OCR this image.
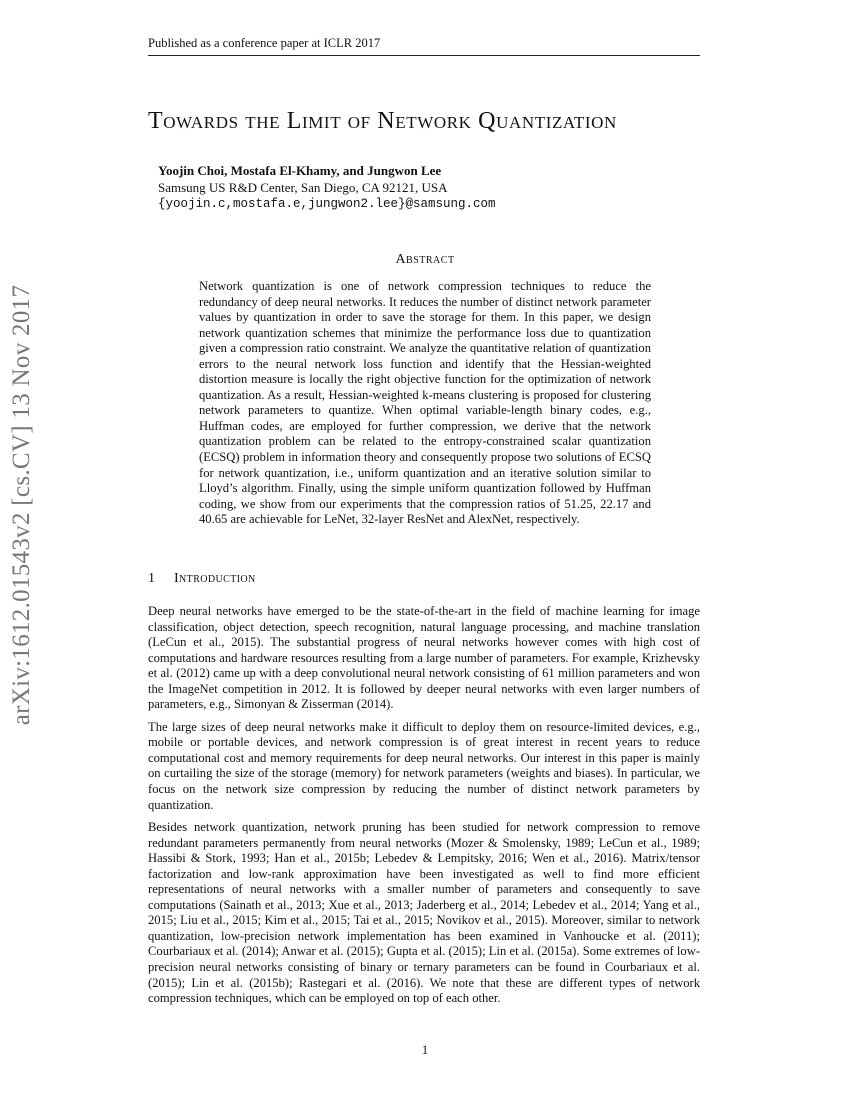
Published as a conference paper at ICLR 2017
arXiv:1612.01543v2 [cs.CV] 13 Nov 2017
Towards the Limit of Network Quantization
Yoojin Choi, Mostafa El-Khamy, and Jungwon Lee
Samsung US R&D Center, San Diego, CA 92121, USA
{yoojin.c,mostafa.e,jungwon2.lee}@samsung.com
Abstract
Network quantization is one of network compression techniques to reduce the redundancy of deep neural networks. It reduces the number of distinct network parameter values by quantization in order to save the storage for them. In this paper, we design network quantization schemes that minimize the performance loss due to quantization given a compression ratio constraint. We analyze the quantitative relation of quantization errors to the neural network loss function and identify that the Hessian-weighted distortion measure is locally the right objective function for the optimization of network quantization. As a result, Hessian-weighted k-means clustering is proposed for clustering network parameters to quantize. When optimal variable-length binary codes, e.g., Huffman codes, are employed for further compression, we derive that the network quantization problem can be related to the entropy-constrained scalar quantization (ECSQ) problem in information theory and consequently propose two solutions of ECSQ for network quantization, i.e., uniform quantization and an iterative solution similar to Lloyd’s algorithm. Finally, using the simple uniform quantization followed by Huffman coding, we show from our experiments that the compression ratios of 51.25, 22.17 and 40.65 are achievable for LeNet, 32-layer ResNet and AlexNet, respectively.
1 Introduction

Deep neural networks have emerged to be the state-of-the-art in the field of machine learning for image classification, object detection, speech recognition, natural language processing, and machine translation (LeCun et al., 2015). The substantial progress of neural networks however comes with high cost of computations and hardware resources resulting from a large number of parameters. For example, Krizhevsky et al. (2012) came up with a deep convolutional neural network consisting of 61 million parameters and won the ImageNet competition in 2012. It is followed by deeper neural networks with even larger numbers of parameters, e.g., Simonyan & Zisserman (2014).

The large sizes of deep neural networks make it difficult to deploy them on resource-limited devices, e.g., mobile or portable devices, and network compression is of great interest in recent years to reduce computational cost and memory requirements for deep neural networks. Our interest in this paper is mainly on curtailing the size of the storage (memory) for network parameters (weights and biases). In particular, we focus on the network size compression by reducing the number of distinct network parameters by quantization.

Besides network quantization, network pruning has been studied for network compression to remove redundant parameters permanently from neural networks (Mozer & Smolensky, 1989; LeCun et al., 1989; Hassibi & Stork, 1993; Han et al., 2015b; Lebedev & Lempitsky, 2016; Wen et al., 2016). Matrix/tensor factorization and low-rank approximation have been investigated as well to find more efficient representations of neural networks with a smaller number of parameters and consequently to save computations (Sainath et al., 2013; Xue et al., 2013; Jaderberg et al., 2014; Lebedev et al., 2014; Yang et al., 2015; Liu et al., 2015; Kim et al., 2015; Tai et al., 2015; Novikov et al., 2015). Moreover, similar to network quantization, low-precision network implementation has been examined in Vanhoucke et al. (2011); Courbariaux et al. (2014); Anwar et al. (2015); Gupta et al. (2015); Lin et al. (2015a). Some extremes of low-precision neural networks consisting of binary or ternary parameters can be found in Courbariaux et al. (2015); Lin et al. (2015b); Rastegari et al. (2016). We note that these are different types of network compression techniques, which can be employed on top of each other.

1
